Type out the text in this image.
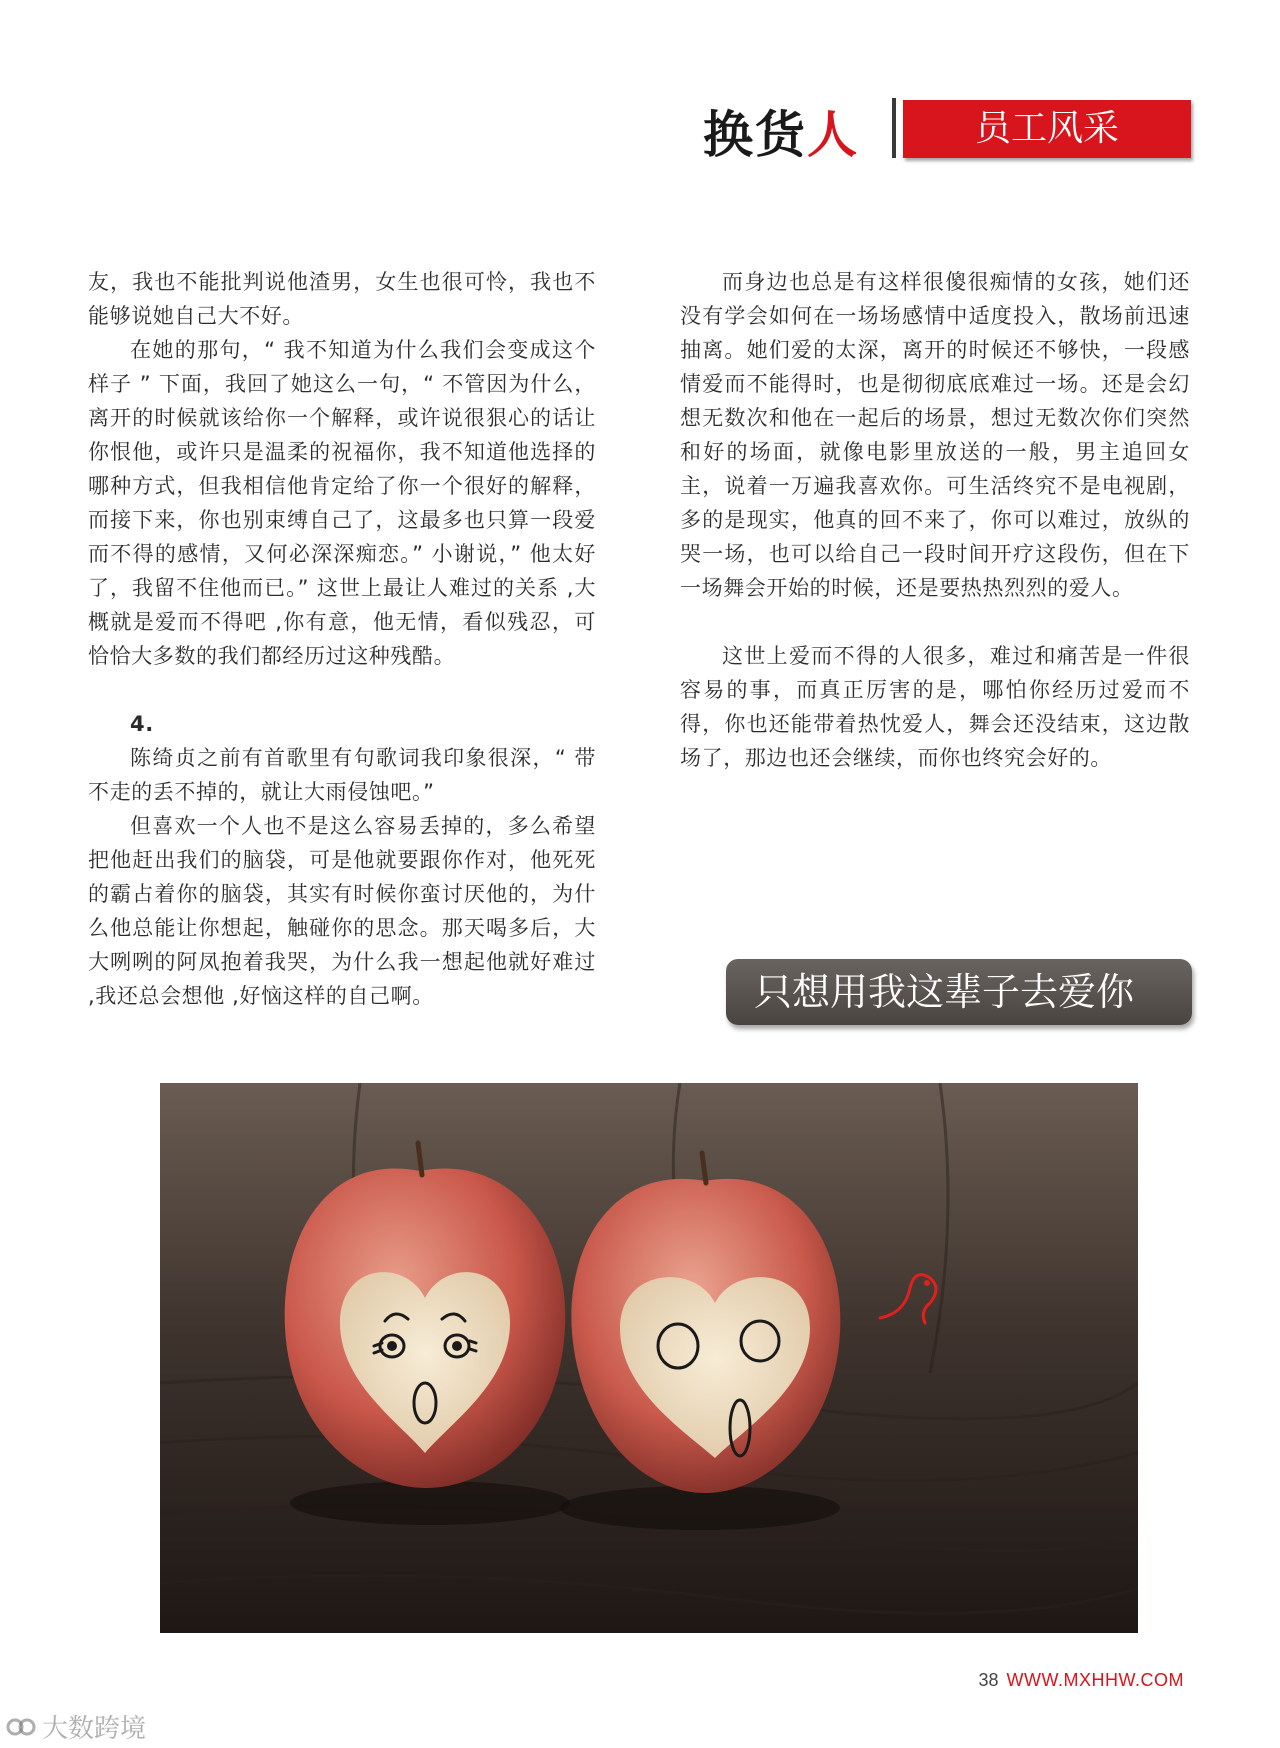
换货人	员工风采

友，我也不能批判说他渣男，女生也很可怜，我也不能够说她自己大不好。

在她的那句，“ 我不知道为什么我们会变成这个样子 ” 下面，我回了她这么一句，“ 不管因为什么，离开的时候就该给你一个解释，或许说很狠心的话让你恨他，或许只是温柔的祝福你，我不知道他选择的哪种方式，但我相信他肯定给了你一个很好的解释，而接下来，你也别束缚自己了，这最多也只算一段爱而不得的感情，又何必深深痴恋。” 小谢说，” 他太好了，我留不住他而已。” 这世上最让人难过的关系 ,大概就是爱而不得吧 ,你有意，他无情，看似残忍，可恰恰大多数的我们都经历过这种残酷。

4.

陈绮贞之前有首歌里有句歌词我印象很深，“ 带不走的丢不掉的，就让大雨侵蚀吧。”

但喜欢一个人也不是这么容易丢掉的，多么希望把他赶出我们的脑袋，可是他就要跟你作对，他死死的霸占着你的脑袋，其实有时候你蛮讨厌他的，为什么他总能让你想起，触碰你的思念。那天喝多后，大大咧咧的阿凤抱着我哭，为什么我一想起他就好难过 ,我还总会想他 ,好恼这样的自己啊。

而身边也总是有这样很傻很痴情的女孩，她们还没有学会如何在一场场感情中适度投入，散场前迅速抽离。她们爱的太深，离开的时候还不够快，一段感情爱而不能得时，也是彻彻底底难过一场。还是会幻想无数次和他在一起后的场景，想过无数次你们突然和好的场面，就像电影里放送的一般，男主追回女主，说着一万遍我喜欢你。可生活终究不是电视剧，多的是现实，他真的回不来了，你可以难过，放纵的哭一场，也可以给自己一段时间开疗这段伤，但在下一场舞会开始的时候，还是要热热烈烈的爱人。

这世上爱而不得的人很多，难过和痛苦是一件很容易的事，而真正厉害的是，哪怕你经历过爱而不得，你也还能带着热忱爱人，舞会还没结束，这边散场了，那边也还会继续，而你也终究会好的。

只想用我这辈子去爱你
38 WWW.MXHHW.COM
大数跨境
